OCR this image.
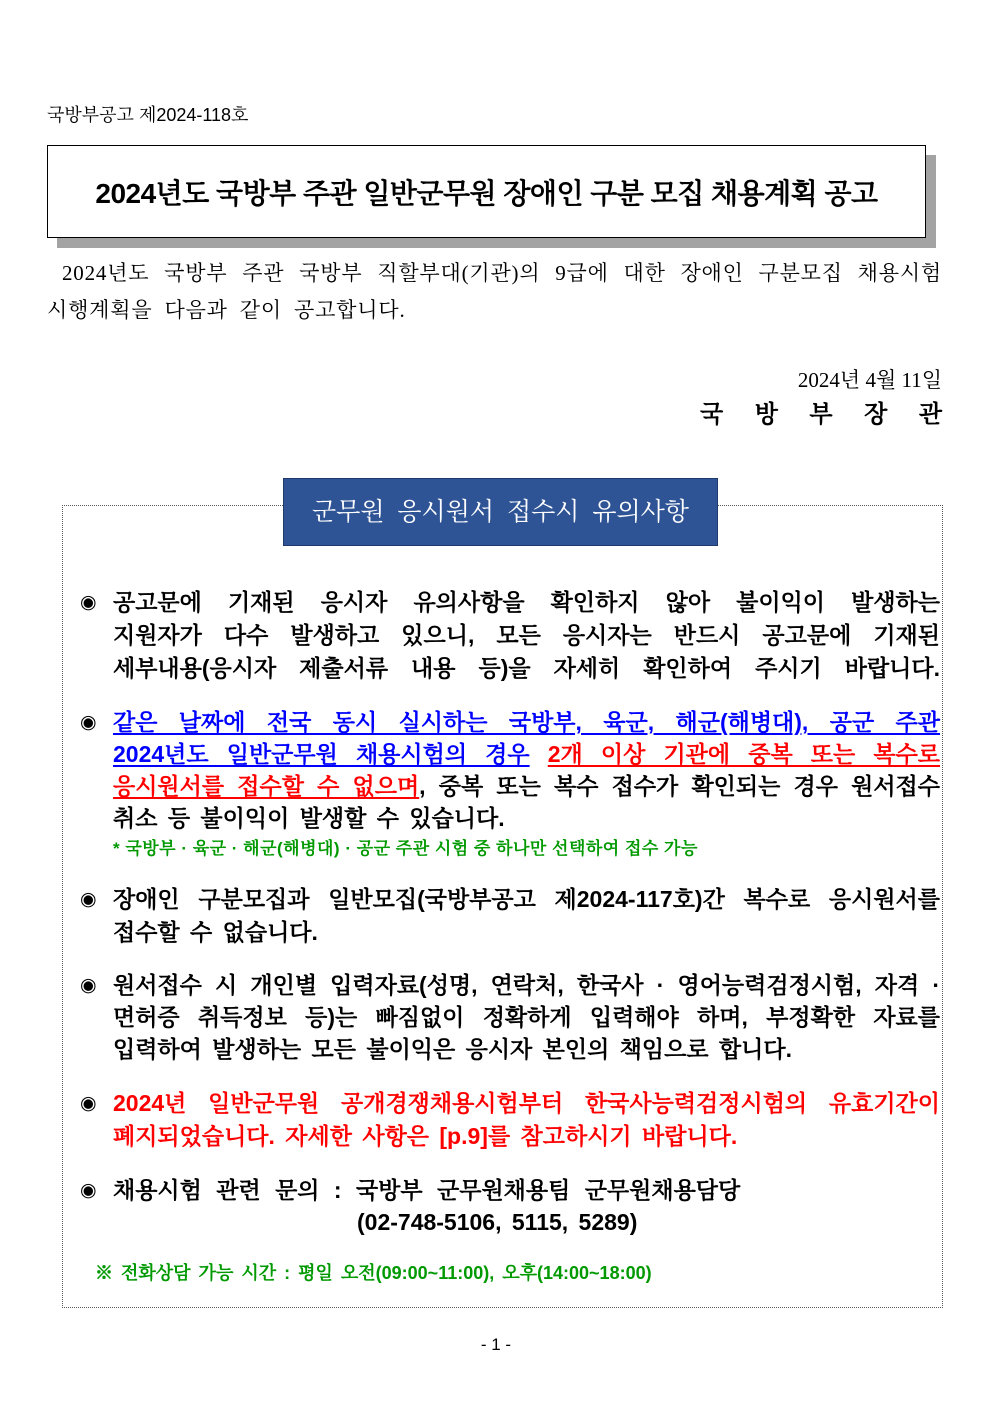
국방부공고 제2024-118호
2024년도 국방부 주관 일반군무원 장애인 구분 모집 채용계획 공고
2024년도 국방부 주관 국방부 직할부대(기관)의 9급에 대한 장애인 구분모집 채용시험
시행계획을 다음과 같이 공고합니다.
2024년 4월 11일
국 방 부 장 관
군무원 응시원서 접수시 유의사항
◉ 공고문에 기재된 응시자 유의사항을 확인하지 않아 불이익이 발생하는
지원자가 다수 발생하고 있으니, 모든 응시자는 반드시 공고문에 기재된
세부내용(응시자 제출서류 내용 등)을 자세히 확인하여 주시기 바랍니다.
◉ 같은 날짜에 전국 동시 실시하는 국방부, 육군, 해군(해병대), 공군 주관
2024년도 일반군무원 채용시험의 경우 2개 이상 기관에 중복 또는 복수로
응시원서를 접수할 수 없으며, 중복 또는 복수 접수가 확인되는 경우 원서접수
취소 등 불이익이 발생할 수 있습니다.
* 국방부 · 육군 · 해군(해병대) · 공군 주관 시험 중 하나만 선택하여 접수 가능
◉ 장애인 구분모집과 일반모집(국방부공고 제2024-117호)간 복수로 응시원서를
접수할 수 없습니다.
◉ 원서접수 시 개인별 입력자료(성명, 연락처, 한국사 · 영어능력검정시험, 자격 ·
면허증 취득정보 등)는 빠짐없이 정확하게 입력해야 하며, 부정확한 자료를
입력하여 발생하는 모든 불이익은 응시자 본인의 책임으로 합니다.
◉ 2024년 일반군무원 공개경쟁채용시험부터 한국사능력검정시험의 유효기간이
폐지되었습니다. 자세한 사항은 [p.9]를 참고하시기 바랍니다.
◉ 채용시험 관련 문의 : 국방부 군무원채용팀 군무원채용담당
(02-748-5106, 5115, 5289)
※ 전화상담 가능 시간 : 평일 오전(09:00~11:00), 오후(14:00~18:00)
- 1 -
